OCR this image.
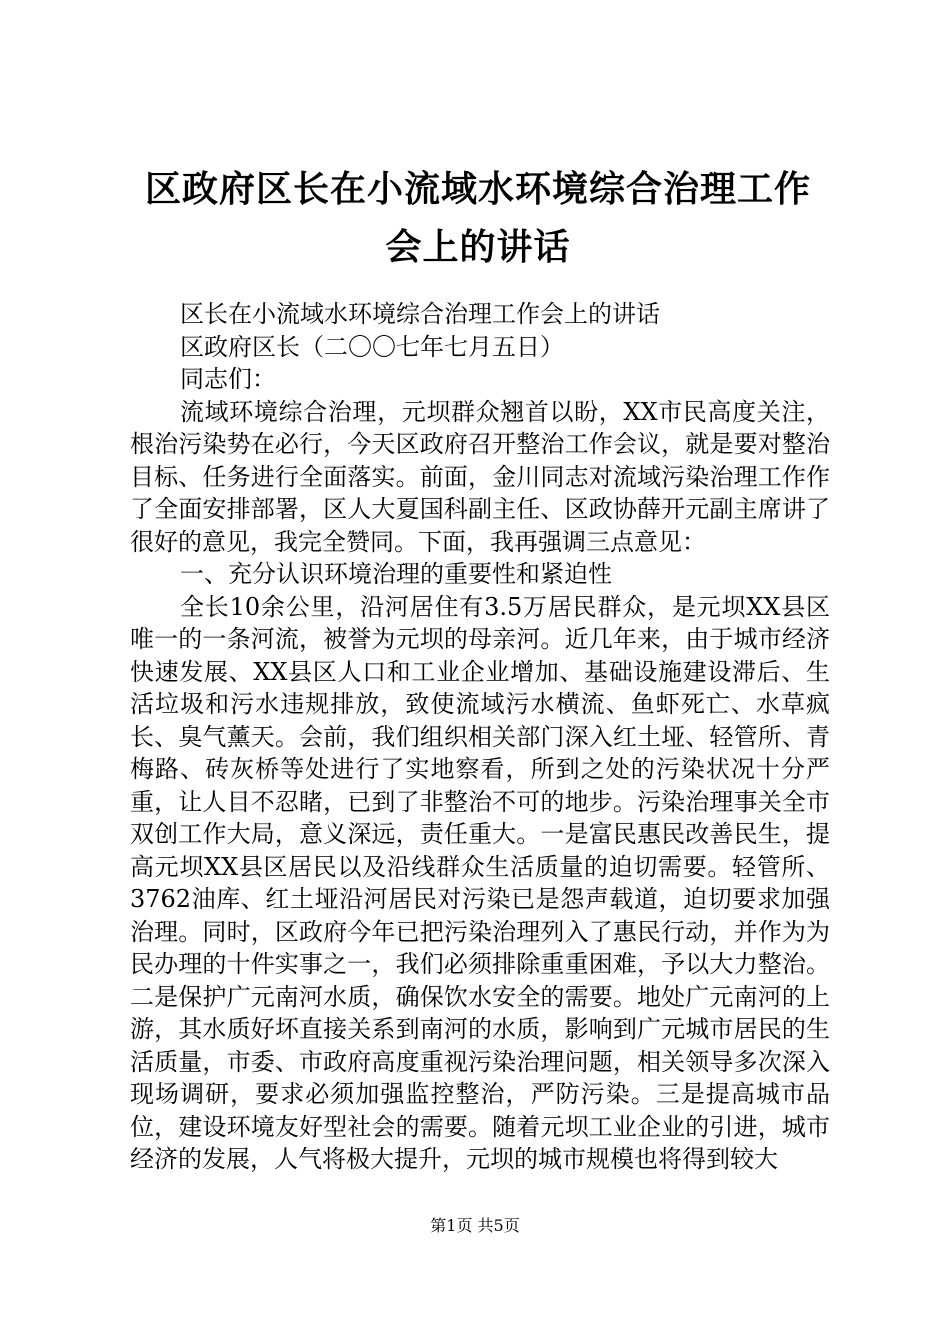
区政府区长在小流域水环境综合治理工作会上的讲话

区长在小流域水环境综合治理工作会上的讲话

区政府区长（二〇〇七年七月五日）

同志们：

流域环境综合治理，元坝群众翘首以盼，XX市民高度关注，根治污染势在必行，今天区政府召开整治工作会议，就是要对整治目标、任务进行全面落实。前面，金川同志对流域污染治理工作作了全面安排部署，区人大夏国科副主任、区政协薛开元副主席讲了很好的意见，我完全赞同。下面，我再强调三点意见：

一、充分认识环境治理的重要性和紧迫性

全长10余公里，沿河居住有3.5万居民群众，是元坝XX县区唯一的一条河流，被誉为元坝的母亲河。近几年来，由于城市经济快速发展、XX县区人口和工业企业增加、基础设施建设滞后、生活垃圾和污水违规排放，致使流域污水横流、鱼虾死亡、水草疯长、臭气薰天。会前，我们组织相关部门深入红土垭、轻管所、青梅路、砖灰桥等处进行了实地察看，所到之处的污染状况十分严重，让人目不忍睹，已到了非整治不可的地步。污染治理事关全市双创工作大局，意义深远，责任重大。一是富民惠民改善民生，提高元坝XX县区居民以及沿线群众生活质量的迫切需要。轻管所、3762油库、红土垭沿河居民对污染已是怨声载道，迫切要求加强治理。同时，区政府今年已把污染治理列入了惠民行动，并作为为民办理的十件实事之一，我们必须排除重重困难，予以大力整治。二是保护广元南河水质，确保饮水安全的需要。地处广元南河的上游，其水质好坏直接关系到南河的水质，影响到广元城市居民的生活质量，市委、市政府高度重视污染治理问题，相关领导多次深入现场调研，要求必须加强监控整治，严防污染。三是提高城市品位，建设环境友好型社会的需要。随着元坝工业企业的引进，城市经济的发展，人气将极大提升，元坝的城市规模也将得到较大

第1页 共5页
